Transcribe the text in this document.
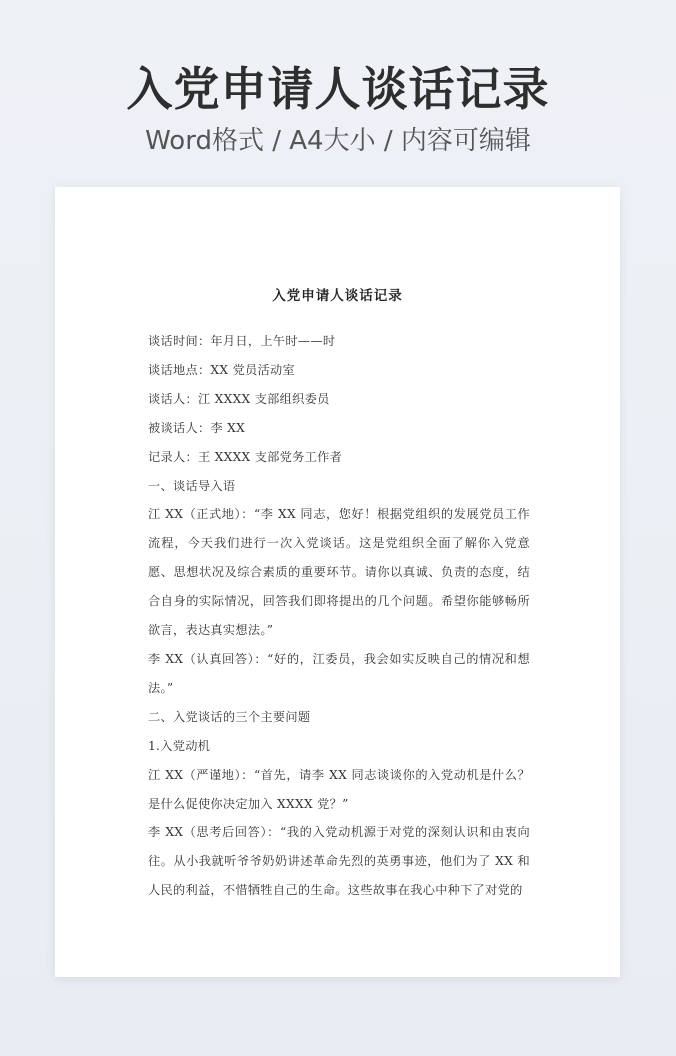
入党申请人谈话记录
Word格式 / A4大小 / 内容可编辑
入党申请人谈话记录

谈话时间：年月日，上午时——时

谈话地点：XX 党员活动室

谈话人：江 XXXX 支部组织委员

被谈话人：李 XX

记录人：王 XXXX 支部党务工作者

一、谈话导入语

江 XX（正式地）：“李 XX 同志，您好！根据党组织的发展党员工作流程，今天我们进行一次入党谈话。这是党组织全面了解你入党意愿、思想状况及综合素质的重要环节。请你以真诚、负责的态度，结合自身的实际情况，回答我们即将提出的几个问题。希望你能够畅所欲言，表达真实想法。”

李 XX（认真回答）：“好的，江委员，我会如实反映自己的情况和想法。”

二、入党谈话的三个主要问题

1.入党动机

江 XX（严谨地）：“首先，请李 XX 同志谈谈你的入党动机是什么？是什么促使你决定加入 XXXX 党？”

李 XX（思考后回答）：“我的入党动机源于对党的深刻认识和由衷向往。从小我就听爷爷奶奶讲述革命先烈的英勇事迹，他们为了 XX 和人民的利益，不惜牺牲自己的生命。这些故事在我心中种下了对党的
